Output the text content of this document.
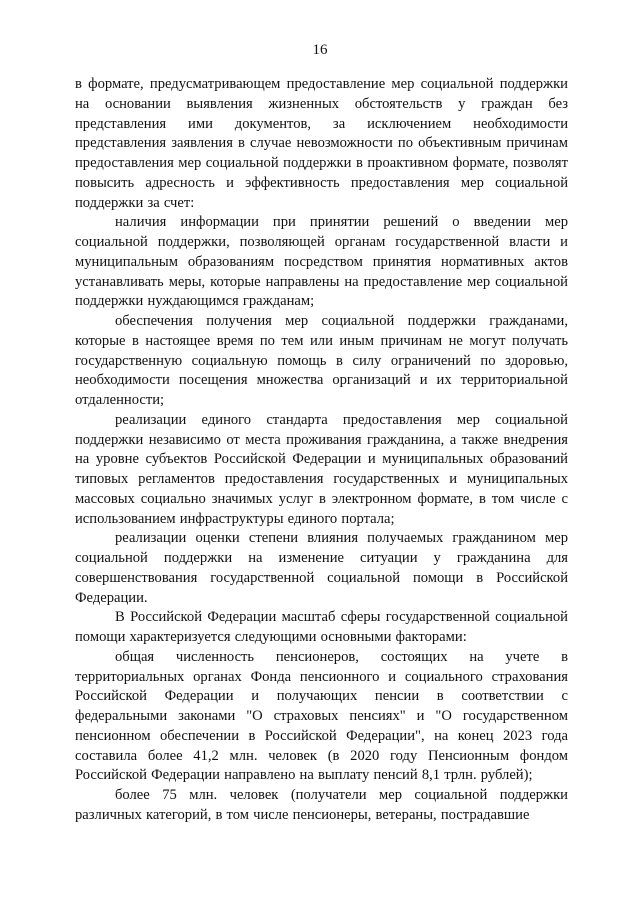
16

в формате, предусматривающем предоставление мер социальной поддержки на основании выявления жизненных обстоятельств у граждан без представления ими документов, за исключением необходимости представления заявления в случае невозможности по объективным причинам предоставления мер социальной поддержки в проактивном формате, позволят повысить адресность и эффективность предоставления мер социальной поддержки за счет:

наличия информации при принятии решений о введении мер социальной поддержки, позволяющей органам государственной власти и муниципальным образованиям посредством принятия нормативных актов устанавливать меры, которые направлены на предоставление мер социальной поддержки нуждающимся гражданам;

обеспечения получения мер социальной поддержки гражданами, которые в настоящее время по тем или иным причинам не могут получать государственную социальную помощь в силу ограничений по здоровью, необходимости посещения множества организаций и их территориальной отдаленности;

реализации единого стандарта предоставления мер социальной поддержки независимо от места проживания гражданина, а также внедрения на уровне субъектов Российской Федерации и муниципальных образований типовых регламентов предоставления государственных и муниципальных массовых социально значимых услуг в электронном формате, в том числе с использованием инфраструктуры единого портала;

реализации оценки степени влияния получаемых гражданином мер социальной поддержки на изменение ситуации у гражданина для совершенствования государственной социальной помощи в Российской Федерации.

В Российской Федерации масштаб сферы государственной социальной помощи характеризуется следующими основными факторами:

общая численность пенсионеров, состоящих на учете в территориальных органах Фонда пенсионного и социального страхования Российской Федерации и получающих пенсии в соответствии с федеральными законами "О страховых пенсиях" и "О государственном пенсионном обеспечении в Российской Федерации", на конец 2023 года составила более 41,2 млн. человек (в 2020 году Пенсионным фондом Российской Федерации направлено на выплату пенсий 8,1 трлн. рублей);

более 75 млн. человек (получатели мер социальной поддержки различных категорий, в том числе пенсионеры, ветераны, пострадавшие
